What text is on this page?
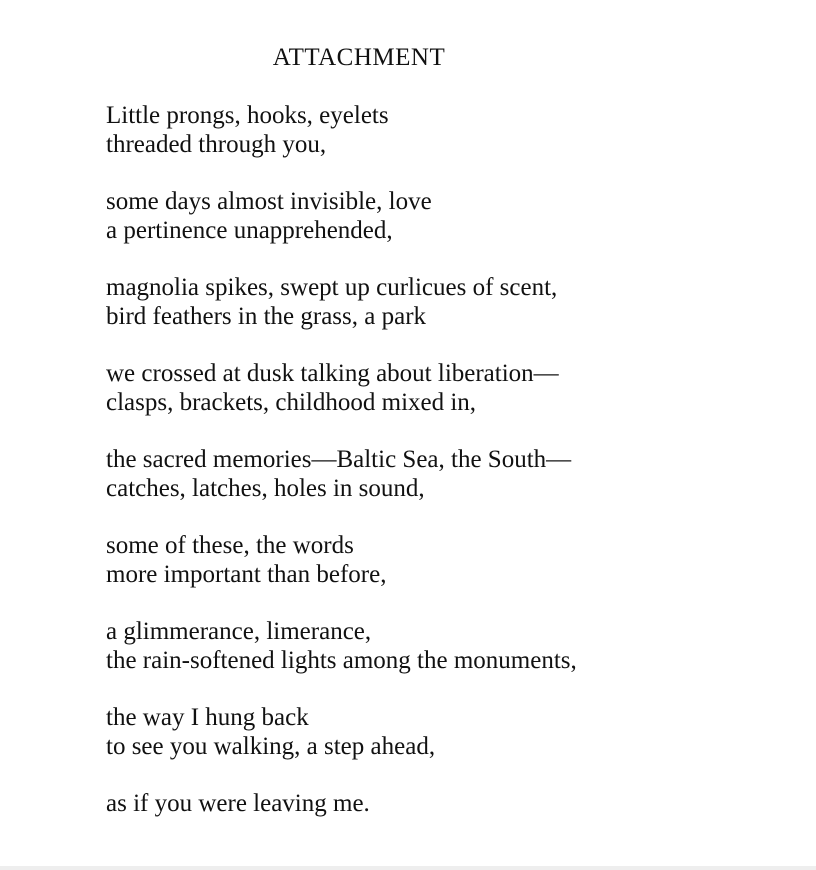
ATTACHMENT
Little prongs, hooks, eyelets
threaded through you,
some days almost invisible, love
a pertinence unapprehended,
magnolia spikes, swept up curlicues of scent,
bird feathers in the grass, a park
we crossed at dusk talking about liberation—
clasps, brackets, childhood mixed in,
the sacred memories—Baltic Sea, the South—
catches, latches, holes in sound,
some of these, the words
more important than before,
a glimmerance, limerance,
the rain-softened lights among the monuments,
the way I hung back
to see you walking, a step ahead,
as if you were leaving me.
